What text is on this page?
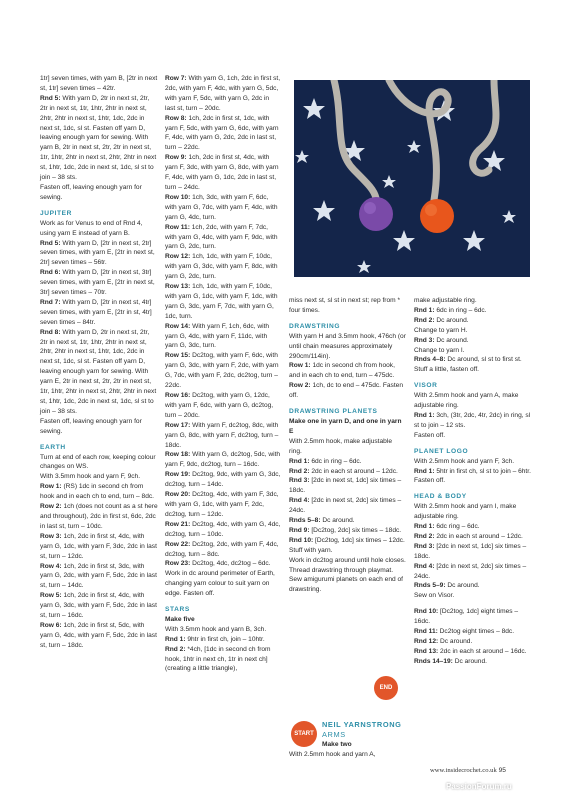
1tr] seven times, with yarn B, [2tr in next st, 1tr] seven times – 42tr.

Rnd 5: With yarn D, 2tr in next st, 2tr, 2tr in next st, 1tr, 1htr, 2htr in next st, 2htr, 2htr in next st, 1htr, 1dc, 2dc in next st, 1dc, sl st. Fasten off yarn D, leaving enough yarn for sewing. With yarn B, 2tr in next st, 2tr, 2tr in next st, 1tr, 1htr, 2htr in next st, 2htr, 2htr in next st, 1htr, 1dc, 2dc in next st, 1dc, sl st to join – 38 sts.

Fasten off, leaving enough yarn for sewing.

JUPITER

Work as for Venus to end of Rnd 4, using yarn E instead of yarn B.

Rnd 5: With yarn D, [2tr in next st, 2tr] seven times, with yarn E, [2tr in next st, 2tr] seven times – 56tr.

Rnd 6: With yarn D, [2tr in next st, 3tr] seven times, with yarn E, [2tr in next st, 3tr] seven times – 70tr.

Rnd 7: With yarn D, [2tr in next st, 4tr] seven times, with yarn E, [2tr in st, 4tr] seven times – 84tr.

Rnd 8: With yarn D, 2tr in next st, 2tr, 2tr in next st, 1tr, 1htr, 2htr in next st, 2htr, 2htr in next st, 1htr, 1dc, 2dc in next st, 1dc, sl st. Fasten off yarn D, leaving enough yarn for sewing. With yarn E, 2tr in next st, 2tr, 2tr in next st, 1tr, 1htr, 2htr in next st, 2htr, 2htr in next st, 1htr, 1dc, 2dc in next st, 1dc, sl st to join – 38 sts.

Fasten off, leaving enough yarn for sewing.

EARTH

Turn at end of each row, keeping colour changes on WS.

With 3.5mm hook and yarn F, 9ch.

Row 1: (RS) 1dc in second ch from hook and in each ch to end, turn – 8dc.

Row 2: 1ch (does not count as a st here and throughout), 2dc in first st, 6dc, 2dc in last st, turn – 10dc.

Row 3: 1ch, 2dc in first st, 4dc, with yarn G, 1dc, with yarn F, 3dc, 2dc in last st, turn – 12dc.

Row 4: 1ch, 2dc in first st, 3dc, with yarn G, 2dc, with yarn F, 5dc, 2dc in last st, turn – 14dc.

Row 5: 1ch, 2dc in first st, 4dc, with yarn G, 3dc, with yarn F, 5dc, 2dc in last st, turn – 16dc.

Row 6: 1ch, 2dc in first st, 5dc, with yarn G, 4dc, with yarn F, 5dc, 2dc in last st, turn – 18dc.

Row 7: With yarn G, 1ch, 2dc in first st, 2dc, with yarn F, 4dc, with yarn G, 5dc, with yarn F, 5dc, with yarn G, 2dc in last st, turn – 20dc.

Row 8: 1ch, 2dc in first st, 1dc, with yarn F, 5dc, with yarn G, 6dc, with yarn F, 4dc, with yarn G, 2dc, 2dc in last st, turn – 22dc.

Row 9: 1ch, 2dc in first st, 4dc, with yarn F, 3dc, with yarn G, 8dc, with yarn F, 4dc, with yarn G, 1dc, 2dc in last st, turn – 24dc.

Row 10: 1ch, 3dc, with yarn F, 6dc, with yarn G, 7dc, with yarn F, 4dc, with yarn G, 4dc, turn.

Row 11: 1ch, 2dc, with yarn F, 7dc, with yarn G, 4dc, with yarn F, 9dc, with yarn G, 2dc, turn.

Row 12: 1ch, 1dc, with yarn F, 10dc, with yarn G, 3dc, with yarn F, 8dc, with yarn G, 2dc, turn.

Row 13: 1ch, 1dc, with yarn F, 10dc, with yarn G, 1dc, with yarn F, 1dc, with yarn G, 3dc, yarn F, 7dc, with yarn G, 1dc, turn.

Row 14: With yarn F, 1ch, 6dc, with yarn G, 4dc, with yarn F, 11dc, with yarn G, 3dc, turn.

Row 15: Dc2tog, with yarn F, 6dc, with yarn G, 3dc, with yarn F, 2dc, with yarn G, 7dc, with yarn F, 2dc, dc2tog, turn – 22dc.

Row 16: Dc2tog, with yarn G, 12dc, with yarn F, 6dc, with yarn G, dc2tog, turn – 20dc.

Row 17: With yarn F, dc2tog, 8dc, with yarn G, 8dc, with yarn F, dc2tog, turn – 18dc.

Row 18: With yarn G, dc2tog, 5dc, with yarn F, 9dc, dc2tog, turn – 16dc.

Row 19: Dc2tog, 9dc, with yarn G, 3dc, dc2tog, turn – 14dc.

Row 20: Dc2tog, 4dc, with yarn F, 3dc, with yarn G, 1dc, with yarn F, 2dc, dc2tog, turn – 12dc.

Row 21: Dc2tog, 4dc, with yarn G, 4dc, dc2tog, turn – 10dc.

Row 22: Dc2tog, 2dc, with yarn F, 4dc, dc2tog, turn – 8dc.

Row 23: Dc2tog, 4dc, dc2tog – 6dc.

Work in dc around perimeter of Earth, changing yarn colour to suit yarn on edge. Fasten off.

STARS

Make five

With 3.5mm hook and yarn B, 3ch.

Rnd 1: 9htr in first ch, join – 10htr.

Rnd 2: *4ch, [1dc in second ch from hook, 1htr in next ch, 1tr in next ch] (creating a little triangle),

miss next st, sl st in next st; rep from * four times.

DRAWSTRING

With yarn H and 3.5mm hook, 476ch (or until chain measures approximately 290cm/114in).

Row 1: 1dc in second ch from hook, and in each ch to end, turn – 475dc.

Row 2: 1ch, dc to end – 475dc. Fasten off.

DRAWSTRING PLANETS

Make one in yarn D, and one in yarn E

With 2.5mm hook, make adjustable ring.

Rnd 1: 6dc in ring – 6dc.

Rnd 2: 2dc in each st around – 12dc.

Rnd 3: [2dc in next st, 1dc] six times – 18dc.

Rnd 4: [2dc in next st, 2dc] six times – 24dc.

Rnds 5–8: Dc around.

Rnd 9: [Dc2tog, 2dc] six times – 18dc.

Rnd 10: [Dc2tog, 1dc] six times – 12dc.

Stuff with yarn.

Work in dc2tog around until hole closes.

Thread drawstring through playmat.

Sew amigurumi planets on each end of drawstring.

make adjustable ring.

Rnd 1: 6dc in ring – 6dc.

Rnd 2: Dc around.

Change to yarn H.

Rnd 3: Dc around.

Change to yarn I.

Rnds 4–8: Dc around, sl st to first st.

Stuff a little, fasten off.

VISOR

With 2.5mm hook and yarn A, make adjustable ring.

Rnd 1: 3ch, (3tr, 2dc, 4tr, 2dc) in ring, sl st to join – 12 sts.

Fasten off.

PLANET LOGO

With 2.5mm hook and yarn F, 3ch.

Rnd 1: 5htr in first ch, sl st to join – 6htr.

Fasten off.

HEAD & BODY

With 2.5mm hook and yarn I, make adjustable ring.

Rnd 1: 6dc ring – 6dc.

Rnd 2: 2dc in each st around – 12dc.

Rnd 3: [2dc in next st, 1dc] six times – 18dc.

Rnd 4: [2dc in next st, 2dc] six times – 24dc.

Rnds 5–9: Dc around.

Sew on Visor.

Rnd 10: [Dc2tog, 1dc] eight times – 16dc.

Rnd 11: Dc2tog eight times – 8dc.

Rnd 12: Dc around.

Rnd 13: 2dc in each st around – 16dc.

Rnds 14–19: Dc around.

END
START
NEIL YARNSTRONG
ARMS
Make two
With 2.5mm hook and yarn A,
www.insidecrochet.co.uk 95
PassionForum.ru
